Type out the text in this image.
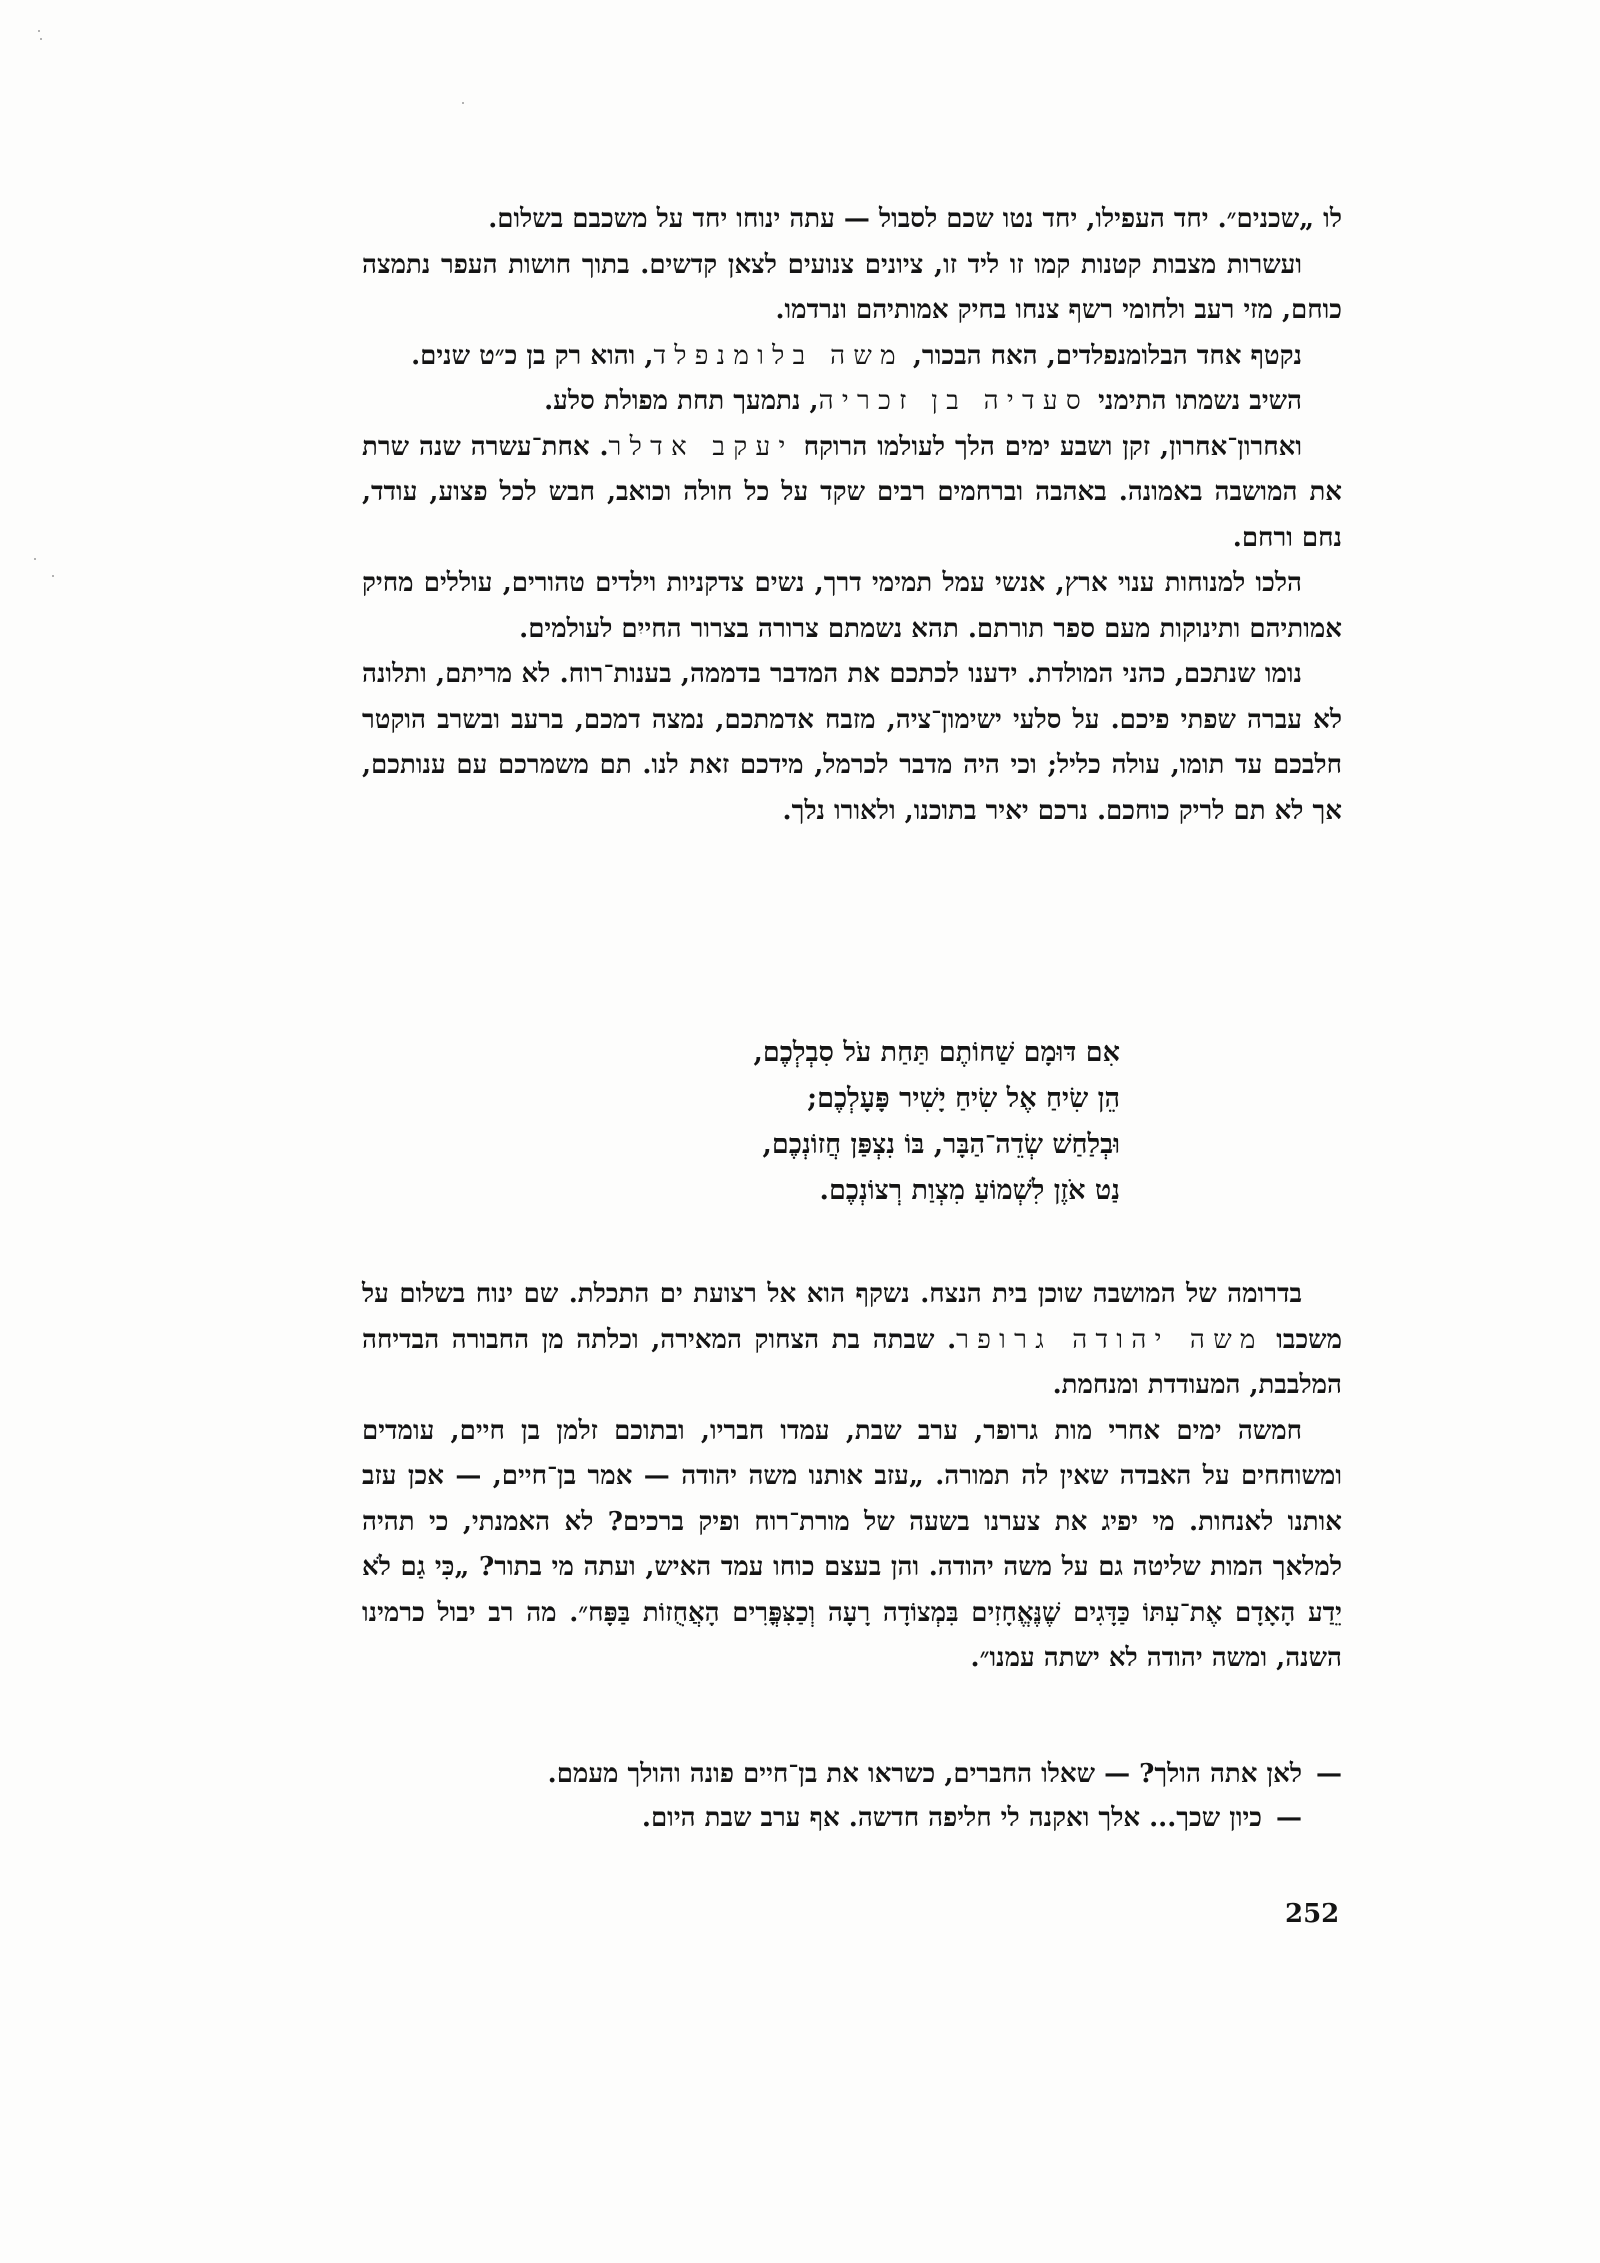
לו „שכנים״. יחד העפילו, יחד נטו שכם לסבול — עתה ינוחו יחד על משכבם בשלום.

ועשרות מצבות קטנות קמו זו ליד זו, ציונים צנועים לצאן קדשים. בתוך חושות העפר נתמצה כוחם, מזי רעב ולחומי רשף צנחו בחיק אמותיהם ונרדמו.

נקטף אחד הבלומנפלדים, האח הבכור, משה בלומנפלד, והוא רק בן כ״ט שנים.

השיב נשמתו התימני סעדיה בן זכריה, נתמעך תחת מפולת סלע.

ואחרון־אחרון, זקן ושבע ימים הלך לעולמו הרוקח יעקב אדלר. אחת־עשרה שנה שרת את המושבה באמונה. באהבה וברחמים רבים שקד על כל חולה וכואב, חבש לכל פצוע, עודד, נחם ורחם.

הלכו למנוחות ענוי ארץ, אנשי עמל תמימי דרך, נשים צדקניות וילדים טהורים, עוללים מחיק אמותיהם ותינוקות מעם ספר תורתם. תהא נשמתם צרורה בצרור החיים לעולמים.

נומו שנתכם, כהני המולדת. ידענו לכתכם את המדבר בדממה, בענות־רוח. לא מריתם, ותלונה לא עברה שפתי פיכם. על סלעי ישימון־ציה, מזבח אדמתכם, נמצה דמכם, ברעב ובשרב הוקטר חלבכם עד תומו, עולה כליל; וכי היה מדבר לכרמל, מידכם זאת לנו. תם משמרכם עם ענותכם, אך לא תם לריק כוחכם. נרכם יאיר בתוכנו, ולאורו נלך.

אִם דּוּמָם שַׁחוֹתֶם תַּחַת עֹל סִבְלְכֶם,
הֵן שִׂיחַ אֶל שִׂיחַ יָשִׁיר פָּעָלְכֶם;
וּבְלַחַשׁ שְׂדֵה־הַבָּר, בּוֹ נִצְפַּן חֲזוֹנְכֶם,
נַט אֹזֶן לִשְׁמוֹעַ מִצְוַת רְצוֹנְכֶם.

בדרומה של המושבה שוכן בית הנצח. נשקף הוא אל רצועת ים התכלת. שם ינוח בשלום על משכבו משה יהודה גרופר. שבתה בת הצחוק המאירה, וכלתה מן החבורה הבדיחה המלבבת, המעודדת ומנחמת.

חמשה ימים אחרי מות גרופר, ערב שבת, עמדו חבריו, ובתוכם זלמן בן חיים, עומדים ומשוחחים על האבדה שאין לה תמורה. „עזב אותנו משה יהודה — אמר בן־חיים, — אכן עזב אותנו לאנחות. מי יפיג את צערנו בשעה של מורת־רוח ופיק ברכים? לא האמנתי, כי תהיה למלאך המות שליטה גם על משה יהודה. והן בעצם כוחו עמד האיש, ועתה מי בתור? „כִּי גַם לֹא יֵדַע הָאָדָם אֶת־עִתּוֹ כַּדָּגִים שֶׁנֶּאֱחָזִים בִּמְצוֹדָה רָעָה וְכַצִּפֳּרִים הָאֲחֻזוֹת בַּפָּח״. מה רב יבול כרמינו השנה, ומשה יהודה לא ישתה עמנו״.

—לאן אתה הולך? — שאלו החברים, כשראו את בן־חיים פונה והולך מעמם.

—כיון שכך... אלך ואקנה לי חליפה חדשה. אף ערב שבת היום.

252
